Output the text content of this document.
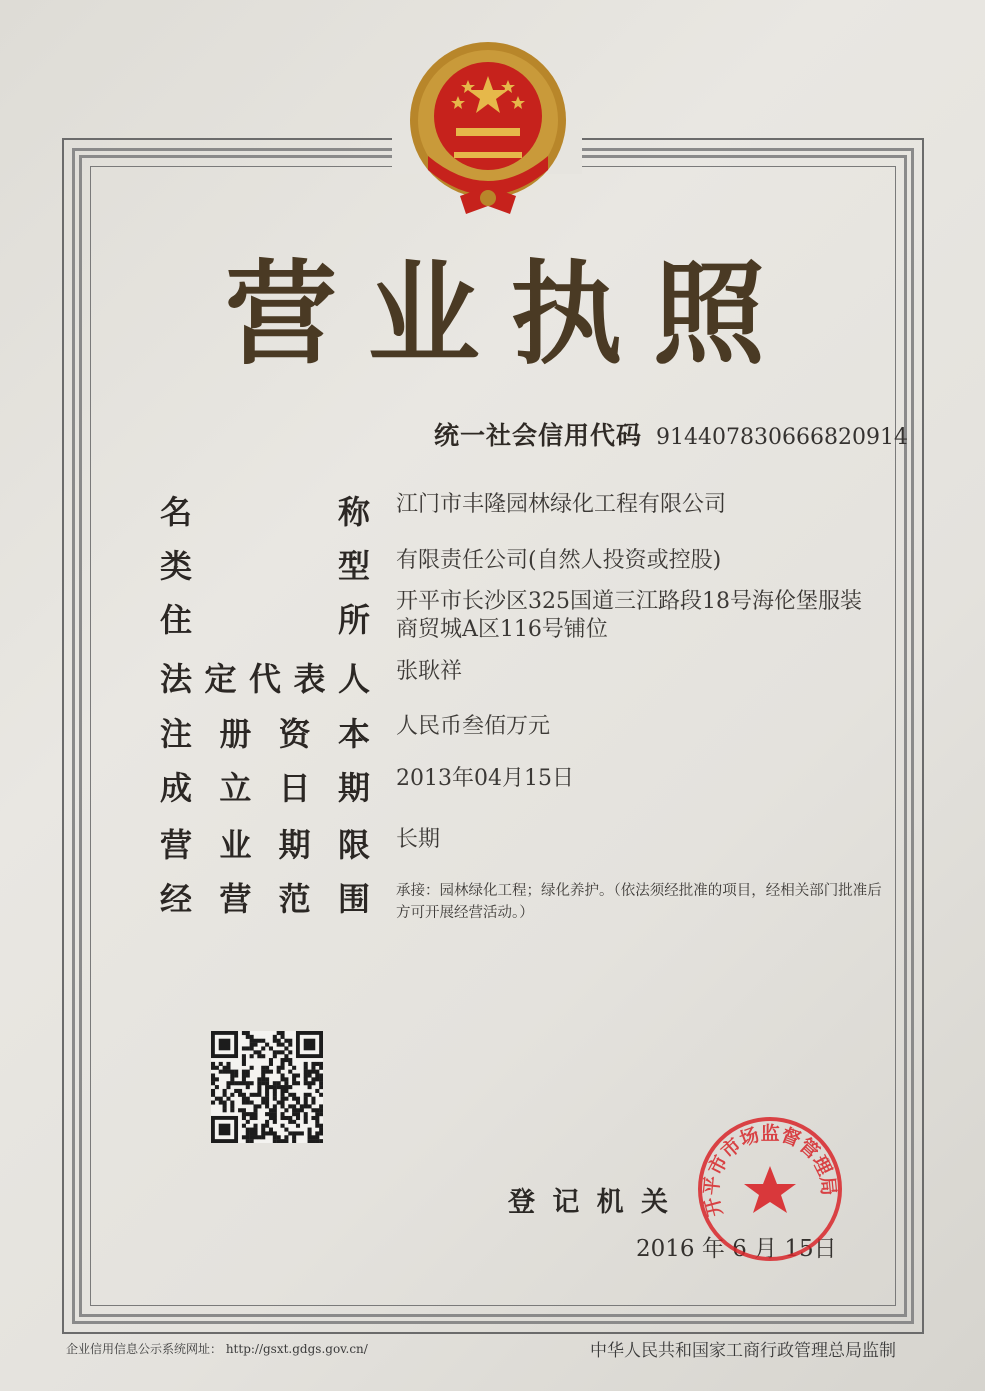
营 业 执 照
统一社会信用代码 914407830666820914
名	称 江门市丰隆园林绿化工程有限公司
类	型 有限责任公司(自然人投资或控股)
住	所 开平市长沙区325国道三江路段18号海伦堡服装商贸城A区116号铺位
法 定 代 表 人 张耿祥
注 册 资 本 人民币叁佰万元
成 立 日 期 2013年04月15日
营 业 期 限 长期
经 营 范 围 承接：园林绿化工程；绿化养护。（依法须经批准的项目，经相关部门批准后方可开展经营活动。）
登 记 机 关
2016 年 6 月 15日
开平市市场监督管理局
企业信用信息公示系统网址： http://gsxt.gdgs.gov.cn/	中华人民共和国家工商行政管理总局监制
